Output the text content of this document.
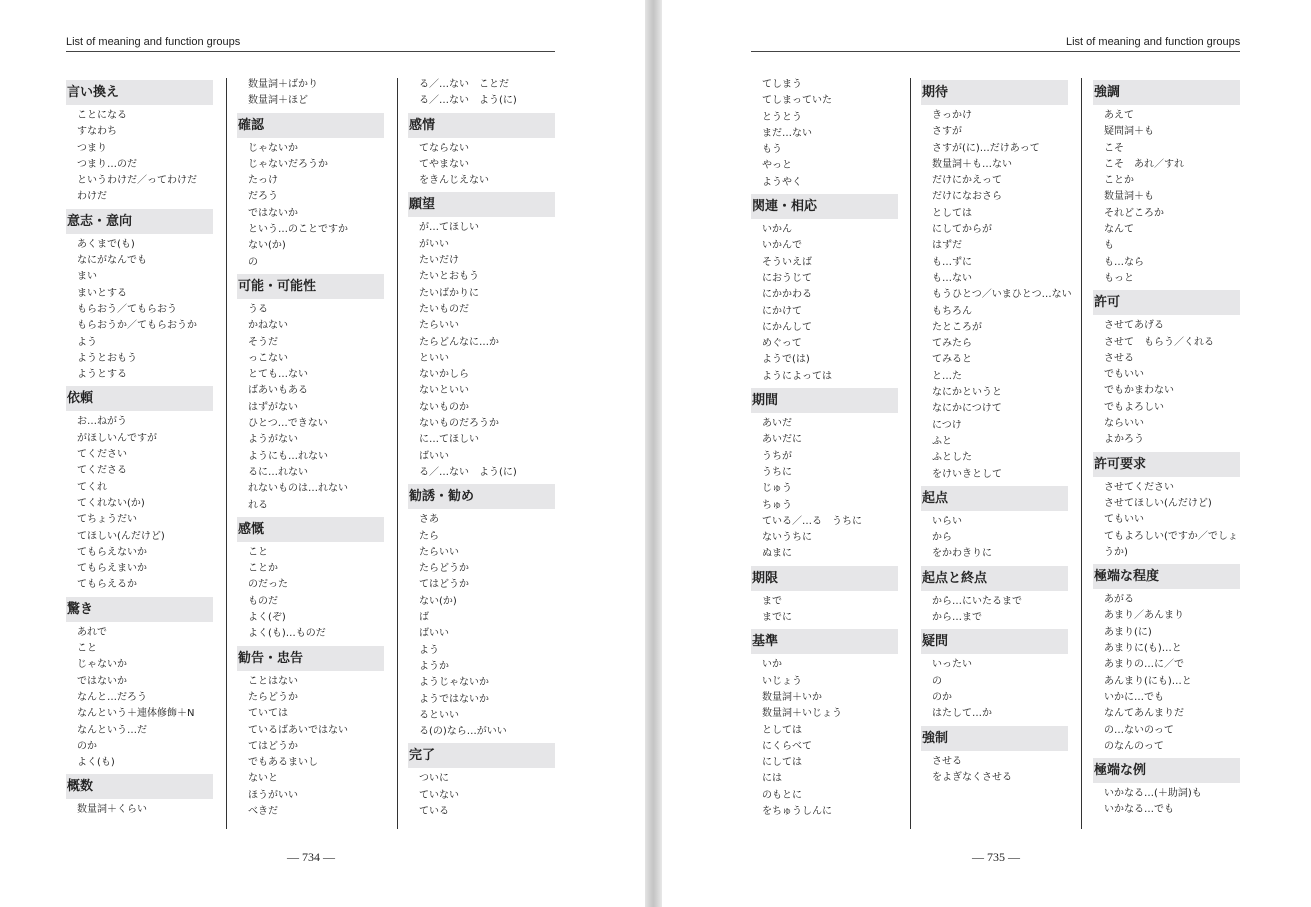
List of meaning and function groups
言い換え
ことになる
すなわち
つまり
つまり…のだ
というわけだ／ってわけだ
わけだ
意志・意向
あくまで(も)
なにがなんでも
まい
まいとする
もらおう／てもらおう
もらおうか／てもらおうか
よう
ようとおもう
ようとする
依頼
お…ねがう
がほしいんですが
てください
てくださる
てくれ
てくれない(か)
てちょうだい
てほしい(んだけど)
てもらえないか
てもらえまいか
てもらえるか
驚き
あれで
こと
じゃないか
ではないか
なんと…だろう
なんという＋連体修飾＋N
なんという…だ
のか
よく(も)
概数
数量詞＋くらい
数量詞＋ばかり
数量詞＋ほど
確認
じゃないか
じゃないだろうか
たっけ
だろう
ではないか
という…のことですか
ない(か)
の
可能・可能性
うる
かねない
そうだ
っこない
とても…ない
ばあいもある
はずがない
ひとつ…できない
ようがない
ようにも…れない
るに…れない
れないものは…れない
れる
感慨
こと
ことか
のだった
ものだ
よく(ぞ)
よく(も)…ものだ
勧告・忠告
ことはない
たらどうか
ていては
ているばあいではない
てはどうか
でもあるまいし
ないと
ほうがいい
べきだ
る／…ない　ことだ
る／…ない　よう(に)
感情
てならない
てやまない
をきんじえない
願望
が…てほしい
がいい
たいだけ
たいとおもう
たいばかりに
たいものだ
たらいい
たらどんなに…か
といい
ないかしら
ないといい
ないものか
ないものだろうか
に…てほしい
ばいい
る／…ない　よう(に)
勧誘・勧め
さあ
たら
たらいい
たらどうか
てはどうか
ない(か)
ば
ばいい
よう
ようか
ようじゃないか
ようではないか
るといい
る(の)なら…がいい
完了
ついに
ていない
ている
— 734 —
List of meaning and function groups
てしまう
てしまっていた
とうとう
まだ…ない
もう
やっと
ようやく
関連・相応
いかん
いかんで
そういえば
におうじて
にかかわる
にかけて
にかんして
めぐって
ようで(は)
ようによっては
期間
あいだ
あいだに
うちが
うちに
じゅう
ちゅう
ている／…る　うちに
ないうちに
ぬまに
期限
まで
までに
基準
いか
いじょう
数量詞＋いか
数量詞＋いじょう
としては
にくらべて
にしては
には
のもとに
をちゅうしんに
期待
きっかけ
さすが
さすが(に)…だけあって
数量詞＋も…ない
だけにかえって
だけになおさら
としては
にしてからが
はずだ
も…ずに
も…ない
もうひとつ／いまひとつ…ない
もちろん
たところが
てみたら
てみると
と…た
なにかというと
なにかにつけて
につけ
ふと
ふとした
をけいきとして
起点
いらい
から
をかわきりに
起点と終点
から…にいたるまで
から…まで
疑問
いったい
の
のか
はたして…か
強制
させる
をよぎなくさせる
強調
あえて
疑問詞＋も
こそ
こそ　あれ／すれ
ことか
数量詞＋も
それどころか
なんて
も
も…なら
もっと
許可
させてあげる
させて　もらう／くれる
させる
でもいい
でもかまわない
でもよろしい
ならいい
よかろう
許可要求
させてください
させてほしい(んだけど)
てもいい
てもよろしい(ですか／でしょうか)
極端な程度
あがる
あまり／あんまり
あまり(に)
あまりに(も)…と
あまりの…に／で
あんまり(にも)…と
いかに…でも
なんてあんまりだ
の…ないのって
のなんのって
極端な例
いかなる…(＋助詞)も
いかなる…でも
— 735 —
